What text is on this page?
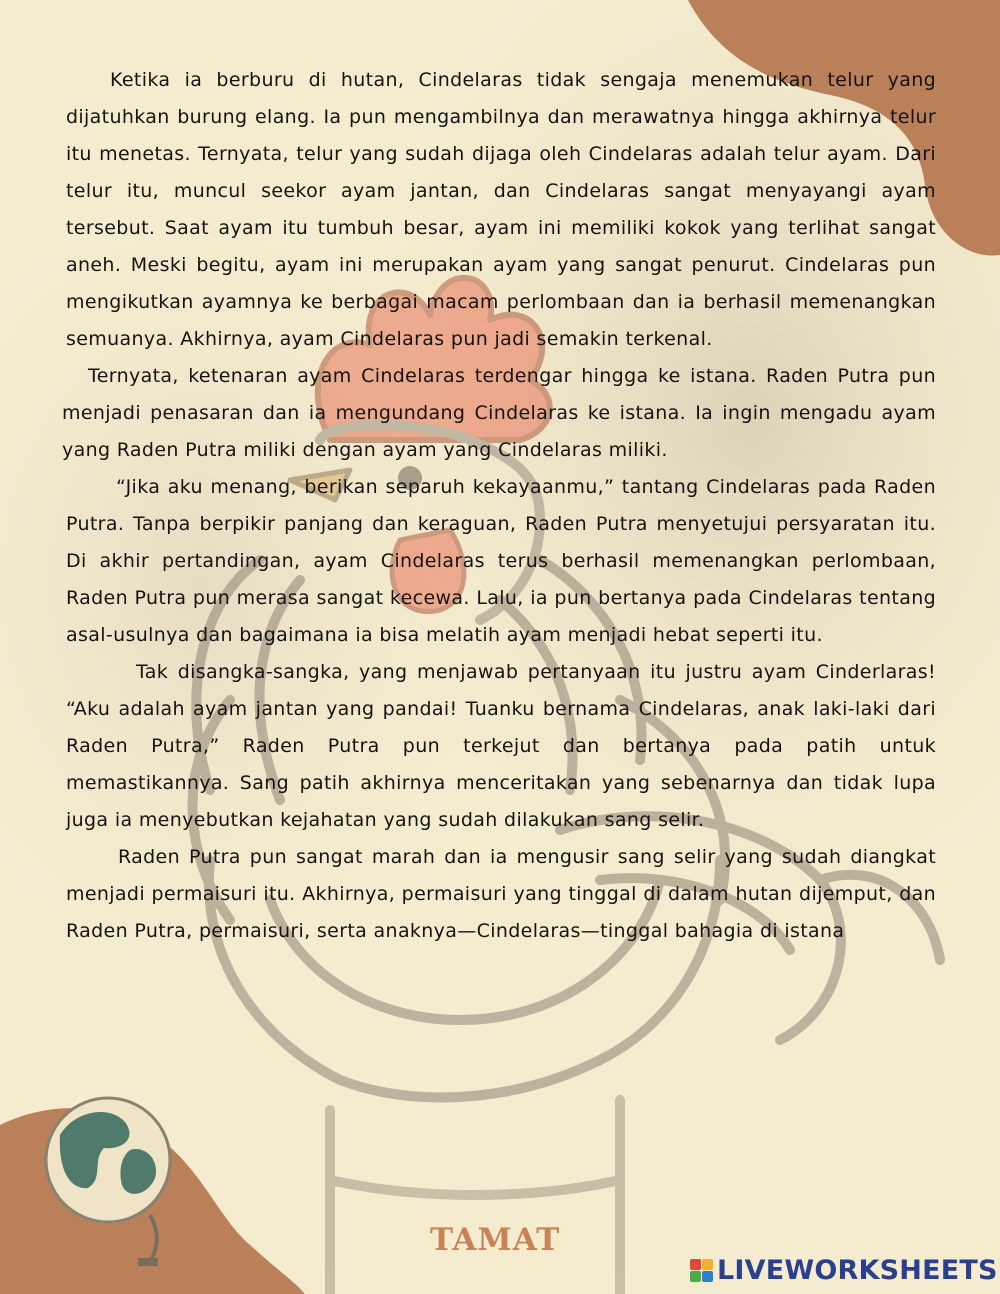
Ketika ia berburu di hutan, Cindelaras tidak sengaja menemukan telur yang dijatuhkan burung elang. Ia pun mengambilnya dan merawatnya hingga akhirnya telur itu menetas. Ternyata, telur yang sudah dijaga oleh Cindelaras adalah telur ayam. Dari telur itu, muncul seekor ayam jantan, dan Cindelaras sangat menyayangi ayam tersebut. Saat ayam itu tumbuh besar, ayam ini memiliki kokok yang terlihat sangat aneh. Meski begitu, ayam ini merupakan ayam yang sangat penurut. Cindelaras pun mengikutkan ayamnya ke berbagai macam perlombaan dan ia berhasil memenangkan semuanya. Akhirnya, ayam Cindelaras pun jadi semakin terkenal.

Ternyata, ketenaran ayam Cindelaras terdengar hingga ke istana. Raden Putra pun menjadi penasaran dan ia mengundang Cindelaras ke istana. Ia ingin mengadu ayam yang Raden Putra miliki dengan ayam yang Cindelaras miliki.

“Jika aku menang, berikan separuh kekayaanmu,” tantang Cindelaras pada Raden Putra. Tanpa berpikir panjang dan keraguan, Raden Putra menyetujui persyaratan itu. Di akhir pertandingan, ayam Cindelaras terus berhasil memenangkan perlombaan, Raden Putra pun merasa sangat kecewa. Lalu, ia pun bertanya pada Cindelaras tentang asal-usulnya dan bagaimana ia bisa melatih ayam menjadi hebat seperti itu.

Tak disangka-sangka, yang menjawab pertanyaan itu justru ayam Cinderlaras! “Aku adalah ayam jantan yang pandai! Tuanku bernama Cindelaras, anak laki-laki dari Raden Putra,” Raden Putra pun terkejut dan bertanya pada patih untuk memastikannya. Sang patih akhirnya menceritakan yang sebenarnya dan tidak lupa juga ia menyebutkan kejahatan yang sudah dilakukan sang selir.

Raden Putra pun sangat marah dan ia mengusir sang selir yang sudah diangkat menjadi permaisuri itu. Akhirnya, permaisuri yang tinggal di dalam hutan dijemput, dan Raden Putra, permaisuri, serta anaknya—Cindelaras—tinggal bahagia di istana

TAMAT
LIVEWORKSHEETS
